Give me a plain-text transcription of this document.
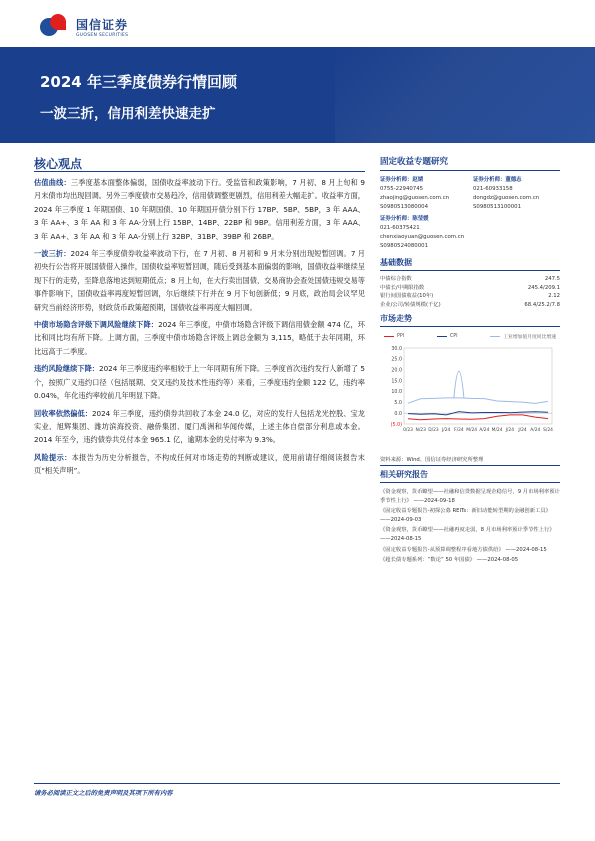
国信证券
GUOSEN SECURITIES
2024 年三季度债券行情回顾
一波三折，信用利差快速走扩
核心观点
估值曲线：三季度基本面整体偏弱，国债收益率波动下行。受监管和政策影响，7 月初、8 月上旬和 9 月末债市均出现回调。另外三季度债市交易趋冷，信用债调整更剧烈，信用利差大幅走扩。收益率方面，2024 年三季度 1 年期国债、10 年期国债、10 年期国开债分别下行 17BP、5BP、5BP，3 年 AAA、3 年 AA+、3 年 AA 和 3 年 AA-分别上行 15BP、14BP、22BP 和 9BP。信用利差方面，3 年 AAA、3 年 AA+、3 年 AA 和 3 年 AA-分别上行 32BP、31BP、39BP 和 26BP。
一波三折：2024 年三季度债券收益率波动下行，在 7 月初、8 月初和 9 月末分别出现短暂回调。7 月初央行公告将开展国债借入操作，国债收益率短暂回调，随后受到基本面偏弱的影响，国债收益率继续呈现下行的走势，至降息落地达到短期低点；8 月上旬，在大行卖出国债、交易商协会查处国债违规交易等事件影响下，国债收益率再度短暂回调，尔后继续下行并在 9 月下旬创新低；9 月底，政治局会议罕见研究当前经济形势，财政货币政策超预期，国债收益率再度大幅回调。
中债市场隐含评级下调风险继续下降：2024 年三季度，中债市场隐含评级下调信用债金额 474 亿，环比和同比均有所下降。上调方面，三季度中债市场隐含评级上调总金额为 3,115，略低于去年同期，环比远高于二季度。
违约风险继续下降：2024 年三季度违约率相较于上一年同期有所下降。三季度首次违约发行人新增了 5 个，按照广义违约口径（包括展期、交叉违约及技术性违约等）来看，三季度违约金额 122 亿，违约率 0.04%，年化违约率较前几年明显下降。
回收率依然偏低：2024 年三季度，违约债券共回收了本金 24.0 亿，对应的发行人包括龙光控股、宝龙实业、旭辉集团、潍坊滨海投资、融侨集团、厦门禹洲和华闻传媒，上述主体自偿部分利息或本金。2014 年至今，违约债券共兑付本金 965.1 亿，逾期本金的兑付率为 9.3%。
风险提示：本报告为历史分析报告，不构成任何对市场走势的判断或建议，使用前请仔细阅读报告末页“相关声明”。
固定收益专题研究
证券分析师：赵婧
0755-22940745
zhaojing@guosen.com.cn
S0980513080004
证券分析师：董德志
021-60933158
dongdz@guosen.com.cn
S0980513100001
证券分析师：陈莹媛
021-60375421
chenxiaoyuan@guosen.com.cn
S0980524080001
基础数据
中债综合指数	247.5
中债长/中期限指数	245.4/209.1
银行间国债收益(10年)	2.12
企业/公司/转债规模(千亿)	68.4/25.2/7.8
市场走势
PPI	CPI	工业增加值月度同比增速
30.0
25.0
20.0
15.0
10.0
5.0
0.0
(5.0)
0/23 N/23 D/23 J/24 F/24 M/24 A/24 M/24 J/24 J/24 A/24 S/24
资料来源：Wind、国信证券经济研究所整理
相关研究报告
《资金观察，货币瞭望——社融和信贷数据呈现企稳信号，9 月市场利率预计季节性上行》 ——2024-09-18
《固定收益专题报告-初探公募 REITs：新旧动能转型期的金融创新工具》 ——2024-09-03
《资金观察，货币瞭望——社融再度走弱，8 月市场利率预计季节性上行》 ——2024-08-15
《固定收益专题报告-从预算调整程序看地方债供给》 ——2024-08-15
《超长债专题系列：“数论” 50 年国债》 ——2024-08-05
请务必阅读正文之后的免责声明及其项下所有内容
